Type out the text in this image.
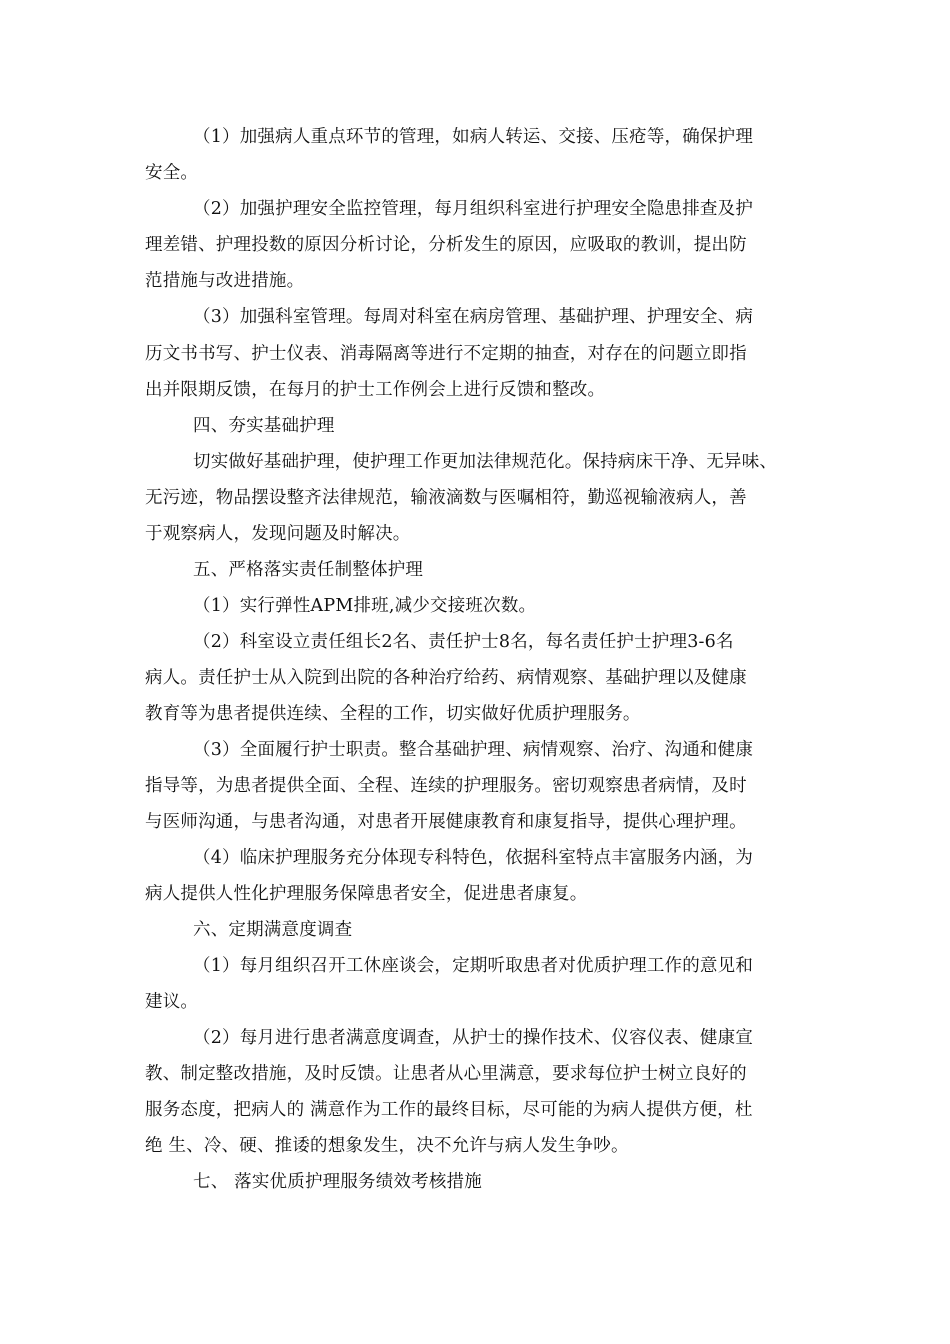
（1）加强病人重点环节的管理，如病人转运、交接、压疮等，确保护理
安全。
（2）加强护理安全监控管理，每月组织科室进行护理安全隐患排查及护
理差错、护理投数的原因分析讨论，分析发生的原因，应吸取的教训，提出防
范措施与改进措施。
（3）加强科室管理。每周对科室在病房管理、基础护理、护理安全、病
历文书书写、护士仪表、消毒隔离等进行不定期的抽查，对存在的问题立即指
出并限期反馈，在每月的护士工作例会上进行反馈和整改。
四、夯实基础护理
切实做好基础护理，使护理工作更加法律规范化。保持病床干净、无异味、
无污迹，物品摆设整齐法律规范，输液滴数与医嘱相符，勤巡视输液病人，善
于观察病人，发现问题及时解决。
五、严格落实责任制整体护理
（1）实行弹性APM排班,减少交接班次数。
（2）科室设立责任组长2名、责任护士8名，每名责任护士护理3-6名
病人。责任护士从入院到出院的各种治疗给药、病情观察、基础护理以及健康
教育等为患者提供连续、全程的工作，切实做好优质护理服务。
（3）全面履行护士职责。整合基础护理、病情观察、治疗、沟通和健康
指导等，为患者提供全面、全程、连续的护理服务。密切观察患者病情，及时
与医师沟通，与患者沟通，对患者开展健康教育和康复指导，提供心理护理。
（4）临床护理服务充分体现专科特色，依据科室特点丰富服务内涵，为
病人提供人性化护理服务保障患者安全，促进患者康复。
六、定期满意度调查
（1）每月组织召开工休座谈会，定期听取患者对优质护理工作的意见和
建议。
（2）每月进行患者满意度调查，从护士的操作技术、仪容仪表、健康宣
教、制定整改措施，及时反馈。让患者从心里满意，要求每位护士树立良好的
服务态度，把病人的 满意作为工作的最终目标，尽可能的为病人提供方便，杜
绝 生、冷、硬、推诿的想象发生，决不允许与病人发生争吵。
七、 落实优质护理服务绩效考核措施
